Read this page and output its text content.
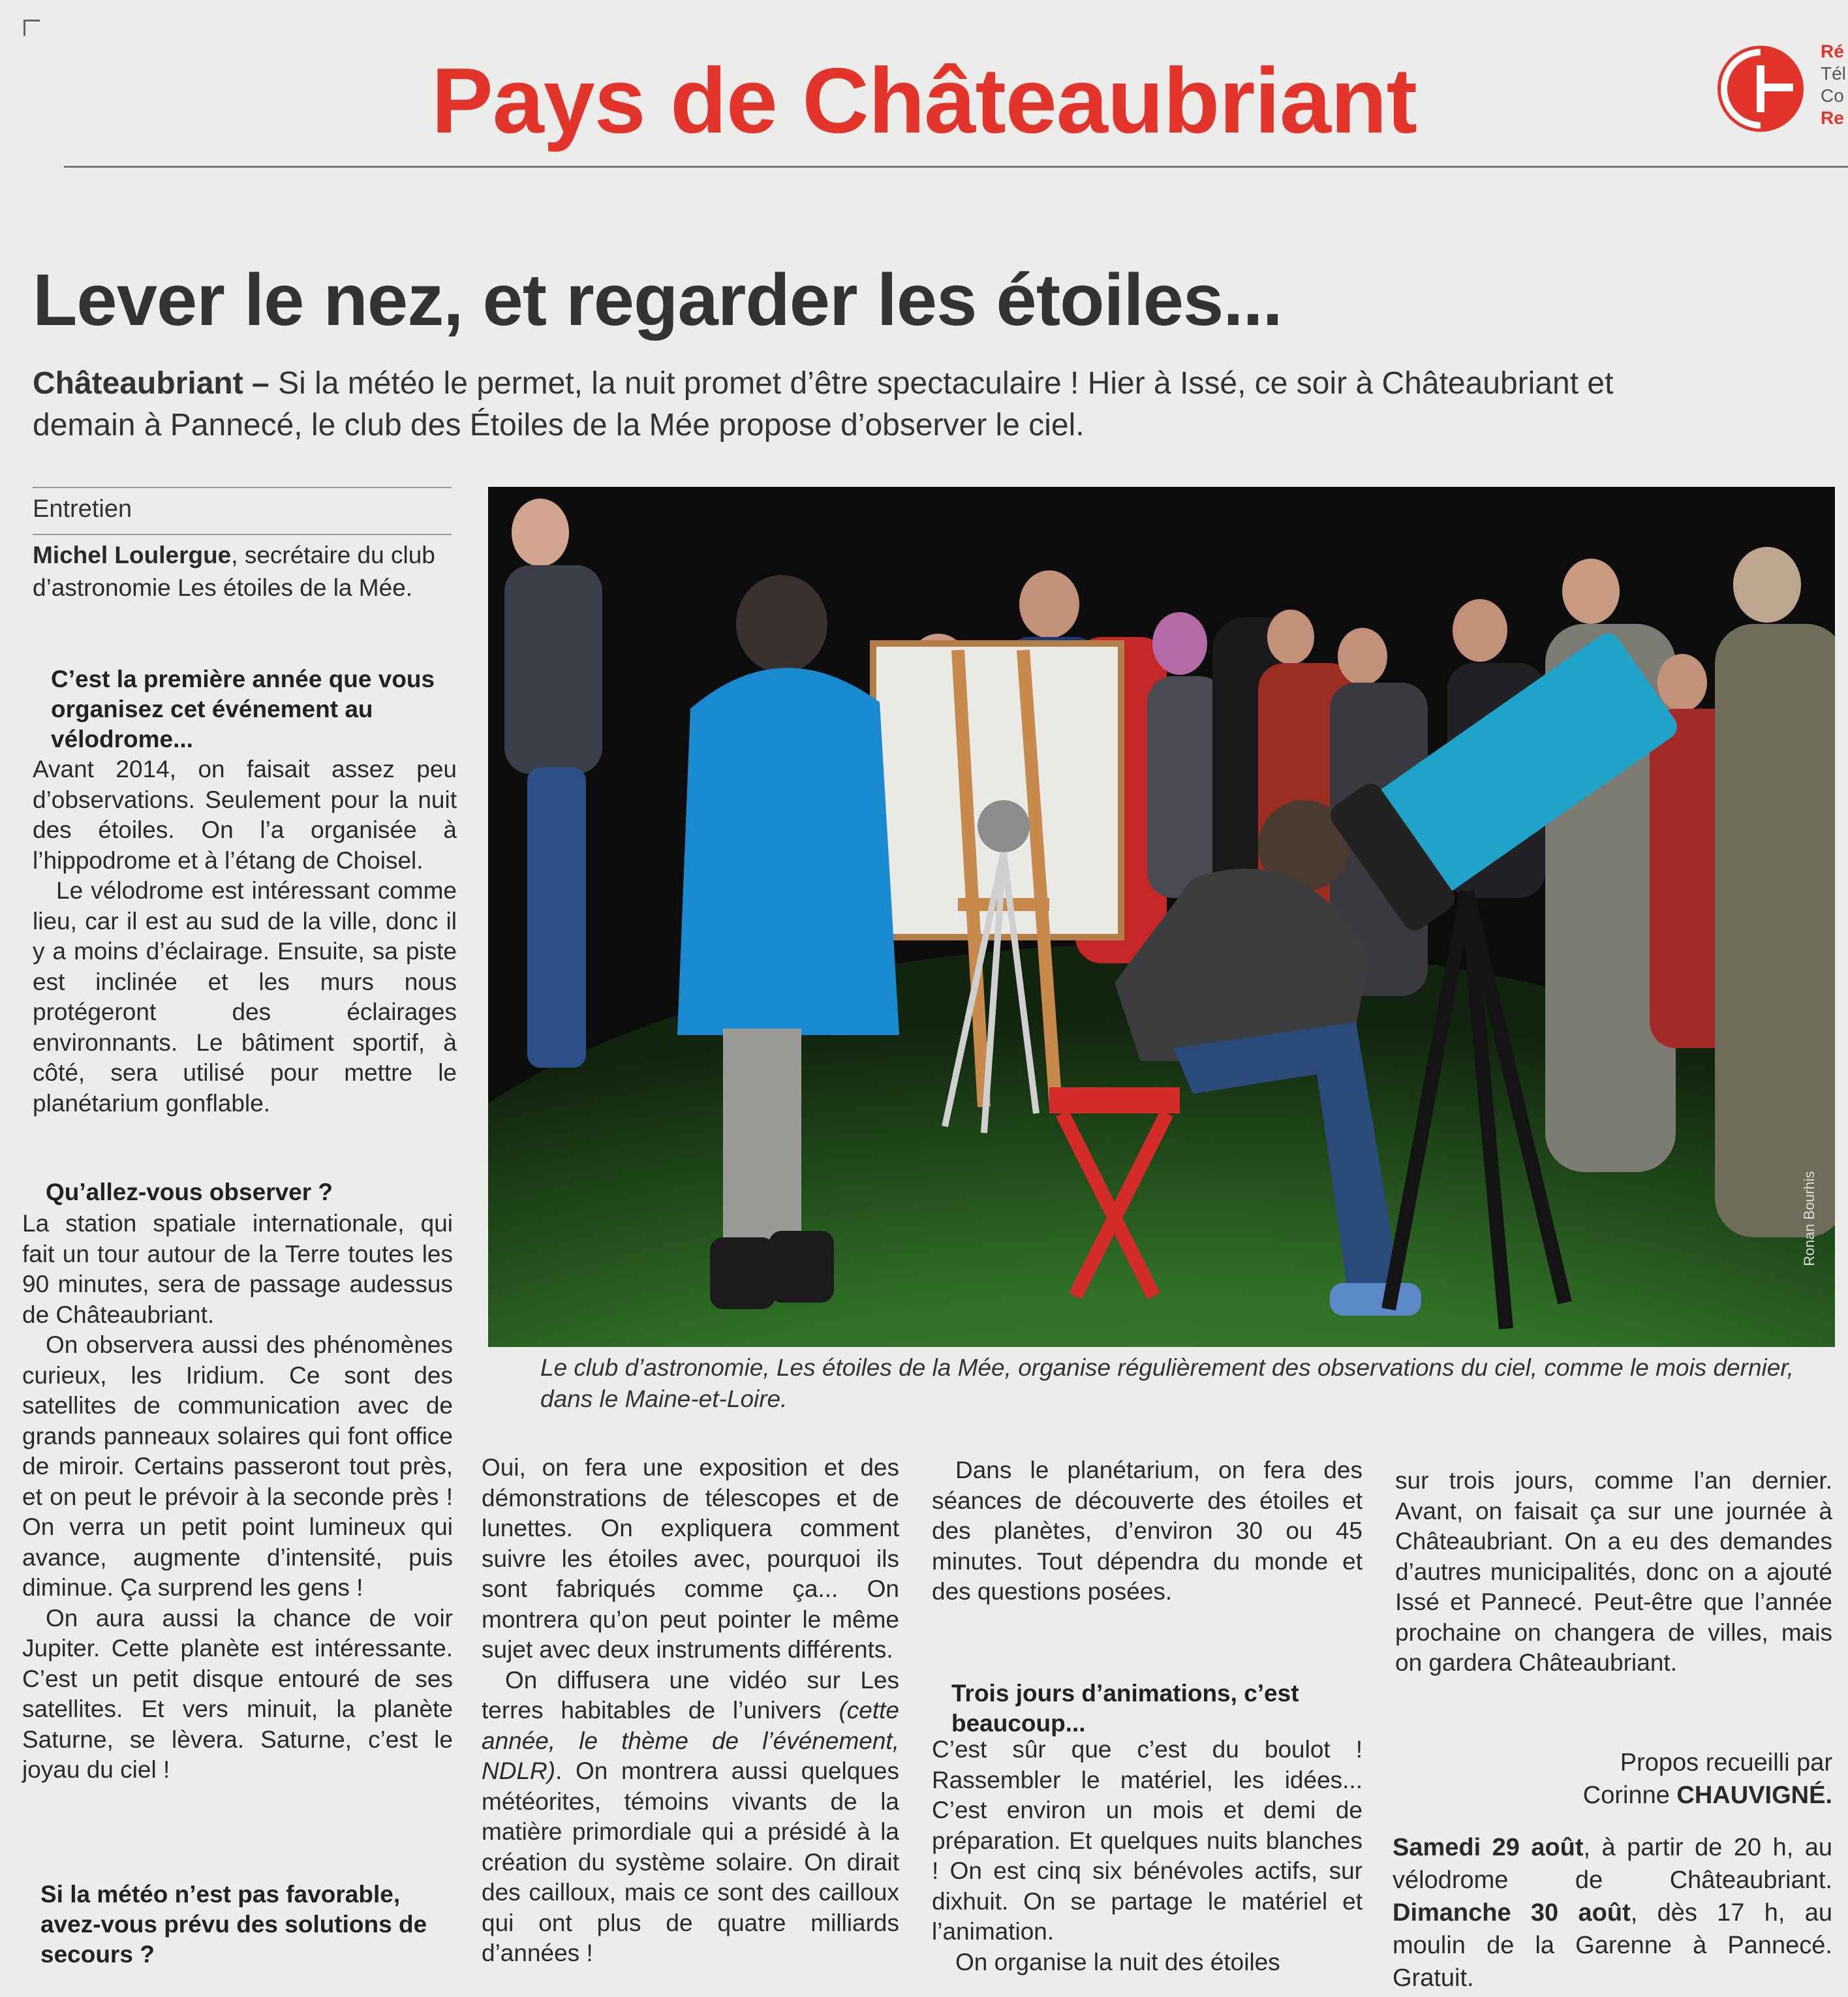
Pays de Châteaubriant	Ré
Tél
Co
Re
Lever le nez, et regarder les étoiles...
Châteaubriant – Si la météo le permet, la nuit promet d’être spectaculaire ! Hier à Issé, ce soir à Châteaubriant et demain à Pannecé, le club des Étoiles de la Mée propose d’observer le ciel.
Entretien
Michel Loulergue, secrétaire du club d’astronomie Les étoiles de la Mée.
C’est la première année que vous organisez cet événement au vélodrome...

Avant 2014, on faisait assez peu d’observations. Seulement pour la nuit des étoiles. On l’a organisée à l’hippodrome et à l’étang de Choisel.

Le vélodrome est intéressant comme lieu, car il est au sud de la ville, donc il y a moins d’éclairage. Ensuite, sa piste est inclinée et les murs nous protégeront des éclairages environnants. Le bâtiment sportif, à côté, sera utilisé pour mettre le planétarium gonflable.

Qu’allez-vous observer ?

La station spatiale internationale, qui fait un tour autour de la Terre toutes les 90 minutes, sera de passage audessus de Châteaubriant.

On observera aussi des phénomènes curieux, les Iridium. Ce sont des satellites de communication avec de grands panneaux solaires qui font office de miroir. Certains passeront tout près, et on peut le prévoir à la seconde près ! On verra un petit point lumineux qui avance, augmente d’intensité, puis diminue. Ça surprend les gens !

On aura aussi la chance de voir Jupiter. Cette planète est intéressante. C’est un petit disque entouré de ses satellites. Et vers minuit, la planète Saturne, se lèvera. Saturne, c’est le joyau du ciel !

Si la météo n’est pas favorable, avez-vous prévu des solutions de secours ?
Ronan Bourhis
Le club d’astronomie, Les étoiles de la Mée, organise régulièrement des observations du ciel, comme le mois dernier, dans le Maine-et-Loire.

Oui, on fera une exposition et des démonstrations de télescopes et de lunettes. On expliquera comment suivre les étoiles avec, pourquoi ils sont fabriqués comme ça... On montrera qu’on peut pointer le même sujet avec deux instruments différents.

On diffusera une vidéo sur Les terres habitables de l’univers (cette année, le thème de l’événement, NDLR). On montrera aussi quelques météorites, témoins vivants de la matière primordiale qui a présidé à la création du système solaire. On dirait des cailloux, mais ce sont des cailloux qui ont plus de quatre milliards d’années !

Dans le planétarium, on fera des séances de découverte des étoiles et des planètes, d’environ 30 ou 45 minutes. Tout dépendra du monde et des questions posées.

Trois jours d’animations, c’est beaucoup...

C’est sûr que c’est du boulot ! Rassembler le matériel, les idées... C’est environ un mois et demi de préparation. Et quelques nuits blanches ! On est cinq six bénévoles actifs, sur dixhuit. On se partage le matériel et l’animation.

On organise la nuit des étoiles

sur trois jours, comme l’an dernier. Avant, on faisait ça sur une journée à Châteaubriant. On a eu des demandes d’autres municipalités, donc on a ajouté Issé et Pannecé. Peut-être que l’année prochaine on changera de villes, mais on gardera Châteaubriant.

Propos recueilli par
Corinne CHAUVIGNÉ.
Samedi 29 août, à partir de 20 h, au vélodrome de Châteaubriant. Dimanche 30 août, dès 17 h, au moulin de la Garenne à Pannecé. Gratuit.
